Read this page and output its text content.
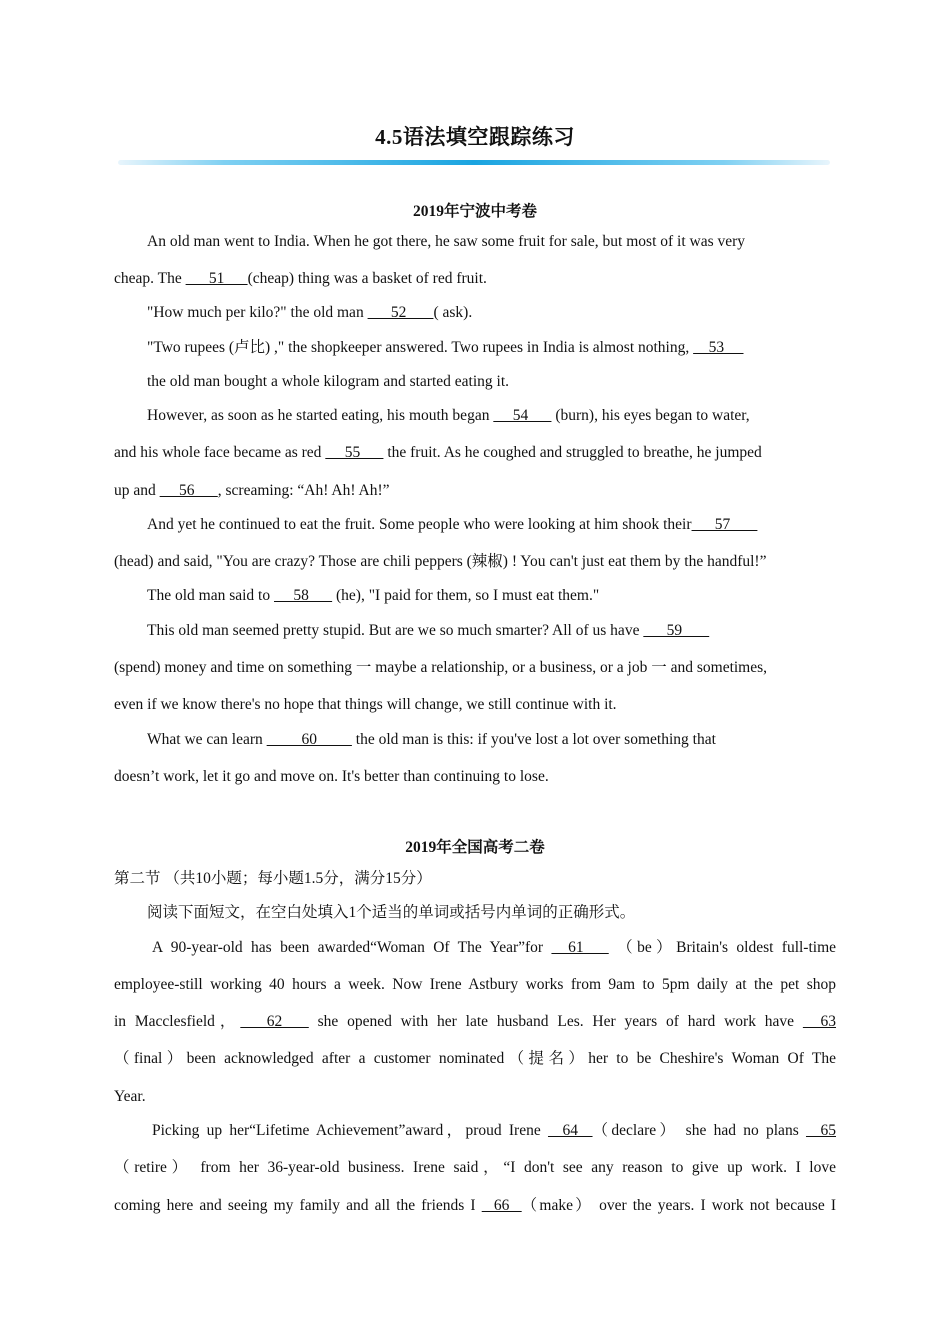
4.5语法填空跟踪练习
2019年宁波中考卷
An old man went to India. When he got there, he saw some fruit for sale, but most of it was very
cheap. The       51      (cheap) thing was a basket of red fruit.
"How much per kilo?" the old man       52       ( ask).
"Two rupees (卢比) ," the shopkeeper answered. Two rupees in India is almost nothing,     53
the old man bought a whole kilogram and started eating it.
However, as soon as he started eating, his mouth began      54       (burn), his eyes began to water,
and his whole face became as red      55       the fruit. As he coughed and struggled to breathe, he jumped
up and      56      , screaming: “Ah! Ah! Ah!”
And yet he continued to eat the fruit. Some people who were looking at him shook their      57
(head) and said, "You are crazy? Those are chili peppers (辣椒) ! You can't just eat them by the handful!”
The old man said to      58       (he), "I paid for them, so I must eat them."
This old man seemed pretty stupid. But are we so much smarter? All of us have       59
(spend) money and time on something 一 maybe a relationship, or a business, or a job 一 and sometimes,
even if we know there's no hope that things will change, we still continue with it.
What we can learn          60          the old man is this: if you've lost a lot over something that
doesn’t work, let it go and move on. It's better than continuing to lose.
2019年全国高考二卷
第二节 （共10小题；每小题1.5分，满分15分）
阅读下面短文，在空白处填入1个适当的单词或括号内单词的正确形式。
A 90-year-old has been awarded“Woman Of The Year”for   61    （be）Britain's oldest full-time
employee-still working 40 hours a week. Now Irene Astbury works from 9am to 5pm daily at the pet shop
in Macclesfield，   62    she opened with her late husband Les. Her years of hard work have   63
（final）been acknowledged after a customer nominated（提名）her to be Cheshire's Woman Of The
Year.
Picking up her“Lifetime Achievement”award，proud Irene   64  （declare） she had no plans   65
（retire） from her 36-year-old business. Irene said，“I don't see any reason to give up work. I love
coming here and seeing my family and all the friends I   66  （make） over the years. I work not because I
